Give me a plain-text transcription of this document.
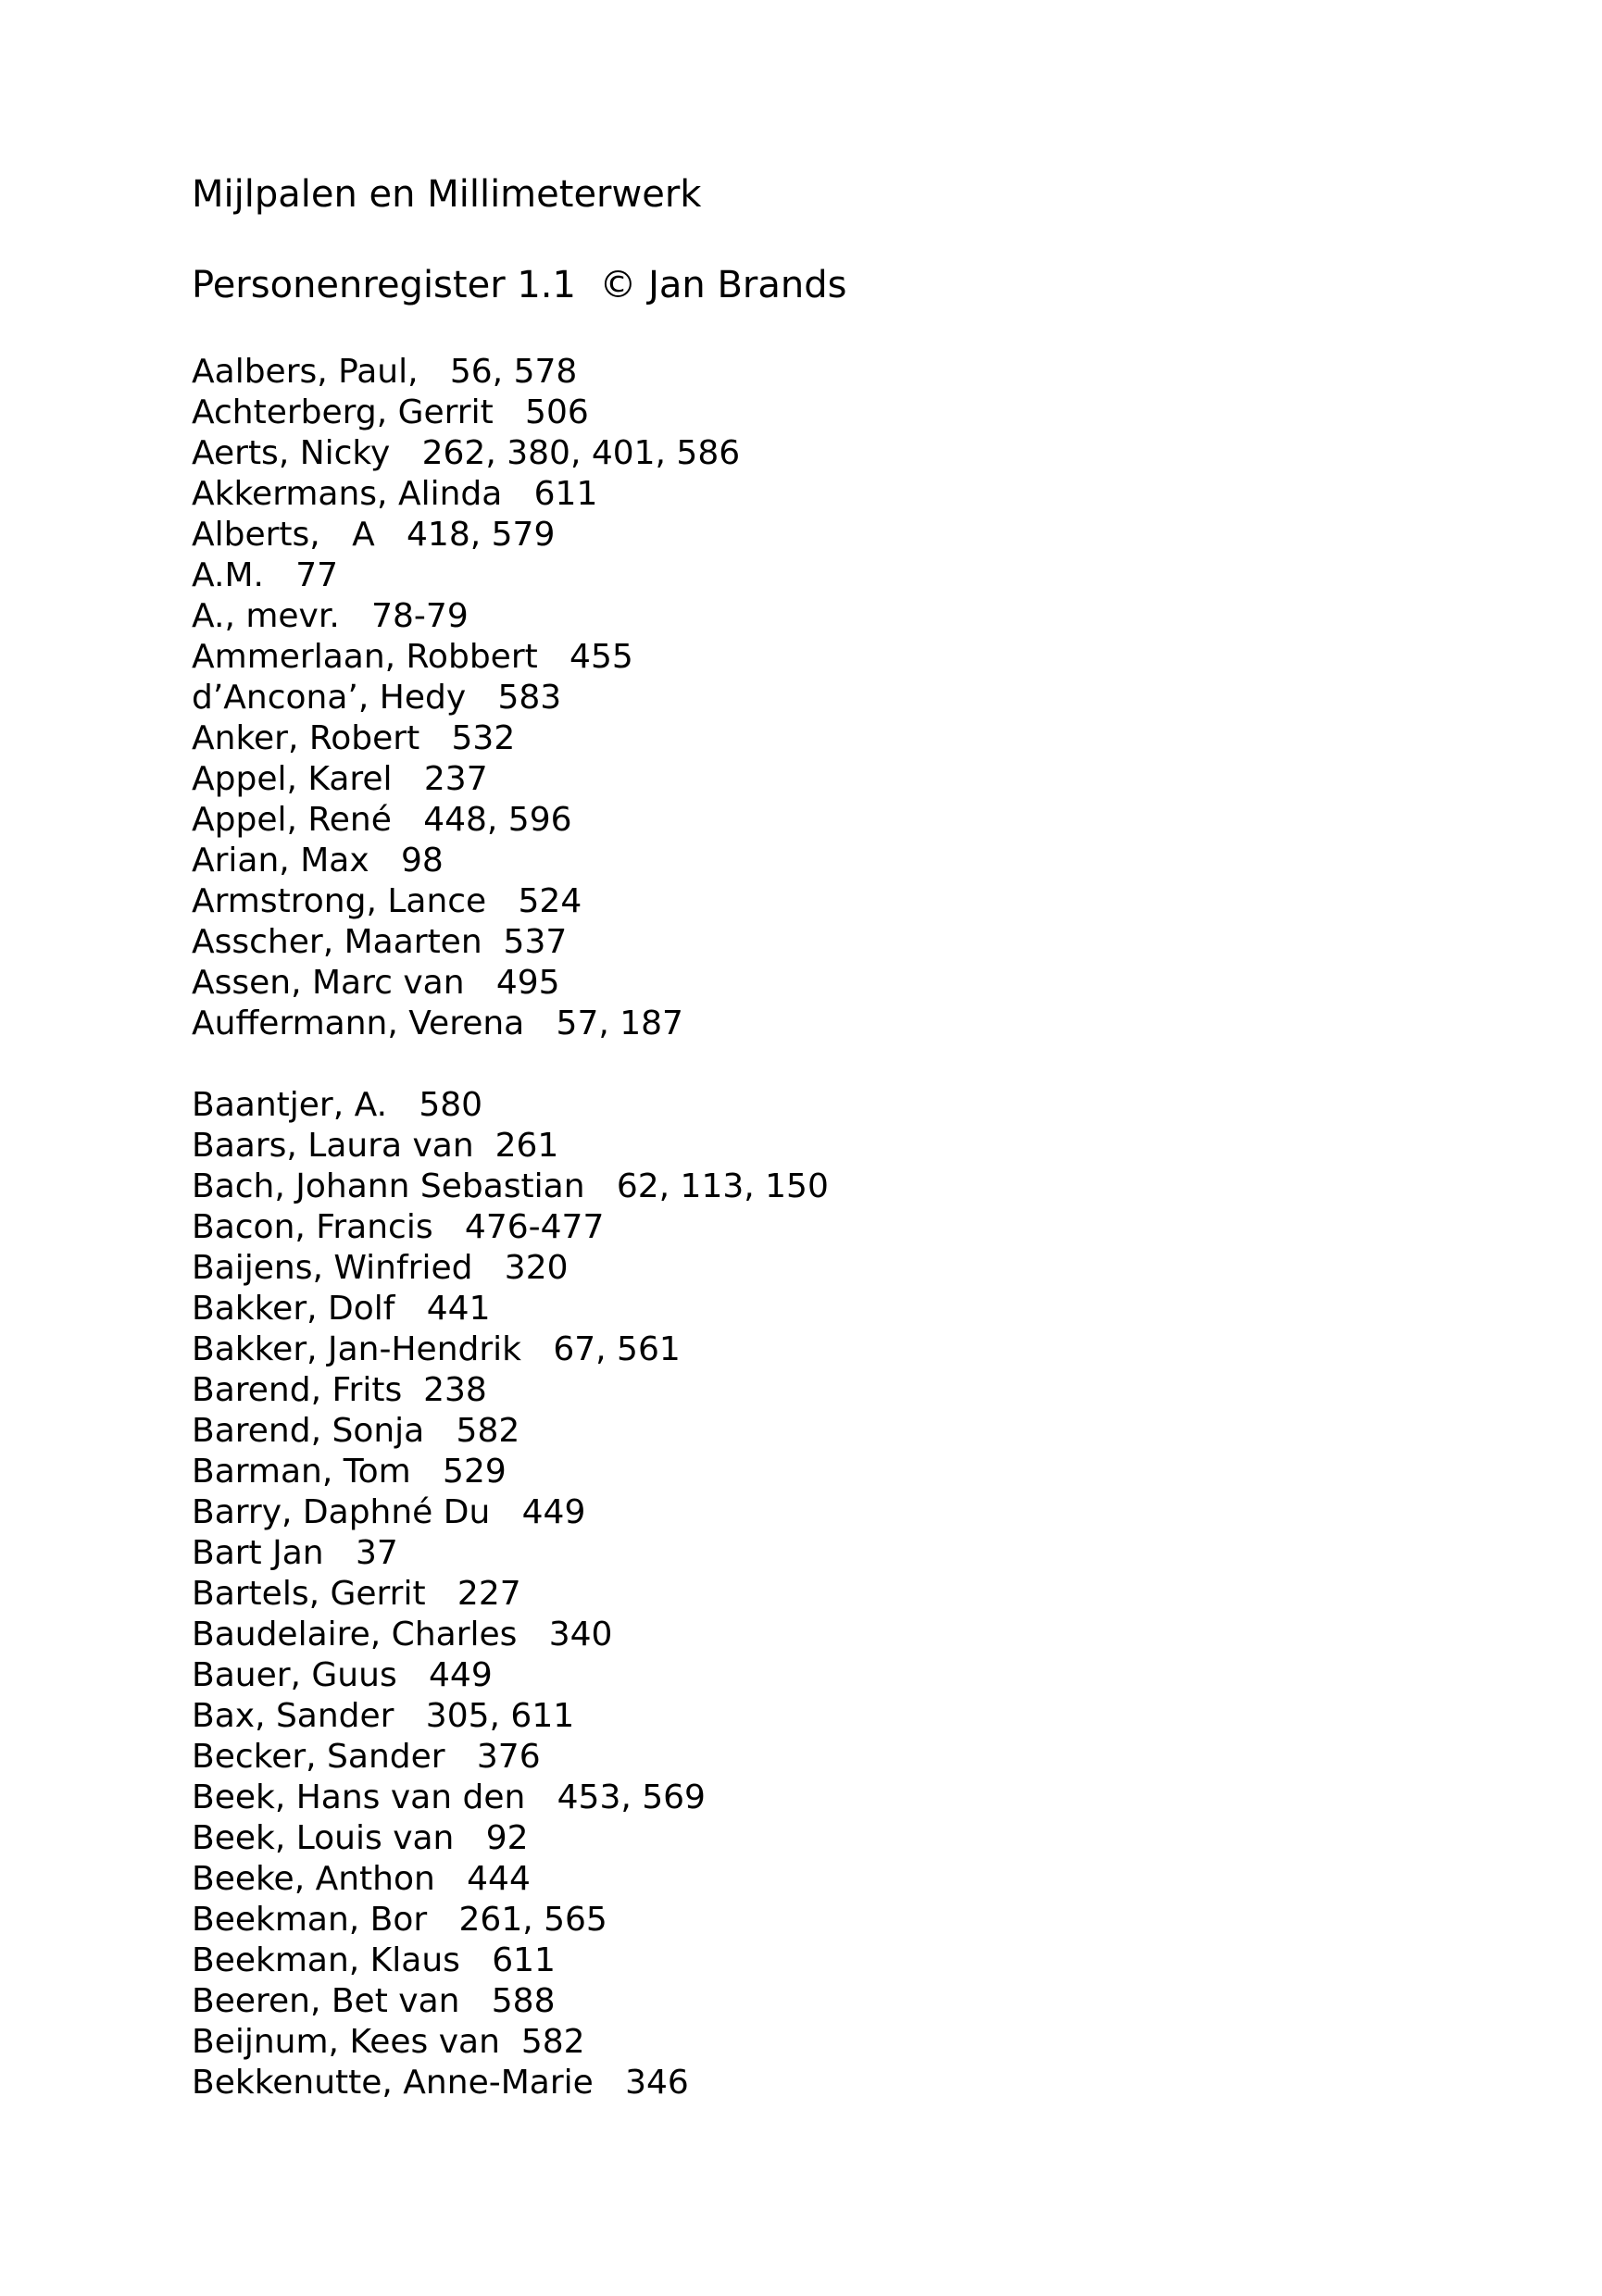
Mijlpalen en Millimeterwerk
Personenregister 1.1  © Jan Brands
Aalbers, Paul,   56, 578
Achterberg, Gerrit   506
Aerts, Nicky   262, 380, 401, 586
Akkermans, Alinda   611
Alberts,   A   418, 579
A.M.   77
A., mevr.   78-79
Ammerlaan, Robbert   455
d’Ancona’, Hedy   583
Anker, Robert   532
Appel, Karel   237
Appel, René   448, 596
Arian, Max   98
Armstrong, Lance   524
Asscher, Maarten  537
Assen, Marc van   495
Auffermann, Verena   57, 187
Baantjer, A.   580
Baars, Laura van  261
Bach, Johann Sebastian   62, 113, 150
Bacon, Francis   476-477
Baijens, Winfried   320
Bakker, Dolf   441
Bakker, Jan-Hendrik   67, 561
Barend, Frits  238
Barend, Sonja   582
Barman, Tom   529
Barry, Daphné Du   449
Bart Jan   37
Bartels, Gerrit   227
Baudelaire, Charles   340
Bauer, Guus   449
Bax, Sander   305, 611
Becker, Sander   376
Beek, Hans van den   453, 569
Beek, Louis van   92
Beeke, Anthon   444
Beekman, Bor   261, 565
Beekman, Klaus   611
Beeren, Bet van   588
Beijnum, Kees van  582
Bekkenutte, Anne-Marie   346
